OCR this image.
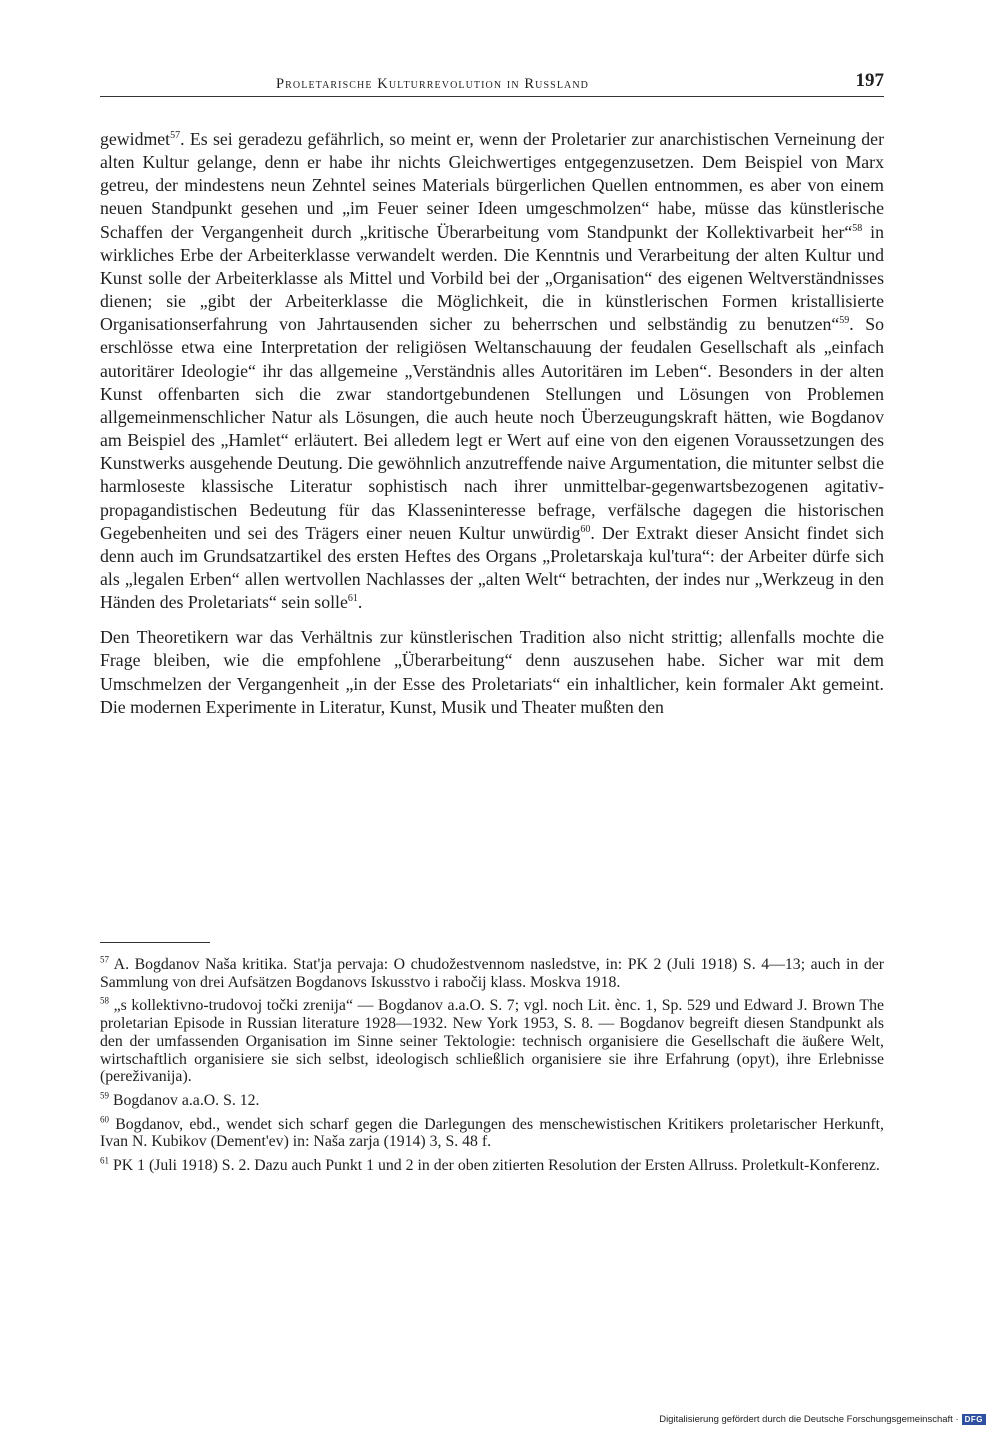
Proletarische Kulturrevolution in Russland	197

gewidmet$^{57}$. Es sei geradezu gefährlich, so meint er, wenn der Proletarier zur anarchistischen Verneinung der alten Kultur gelange, denn er habe ihr nichts Gleichwertiges entgegenzusetzen. Dem Beispiel von Marx getreu, der mindestens neun Zehntel seines Materials bürgerlichen Quellen entnommen, es aber von einem neuen Standpunkt gesehen und „im Feuer seiner Ideen umgeschmolzen“ habe, müsse das künstlerische Schaffen der Vergangenheit durch „kritische Überarbeitung vom Standpunkt der Kollektivarbeit her“$^{58}$ in wirkliches Erbe der Arbeiterklasse verwandelt werden. Die Kenntnis und Verarbeitung der alten Kultur und Kunst solle der Arbeiterklasse als Mittel und Vorbild bei der „Organisation“ des eigenen Weltverständnisses dienen; sie „gibt der Arbeiterklasse die Möglichkeit, die in künstlerischen Formen kristallisierte Organisationserfahrung von Jahrtausenden sicher zu beherrschen und selbständig zu benutzen“$^{59}$. So erschlösse etwa eine Interpretation der religiösen Weltanschauung der feudalen Gesellschaft als „einfach autoritärer Ideologie“ ihr das allgemeine „Verständnis alles Autoritären im Leben“. Besonders in der alten Kunst offenbarten sich die zwar standortgebundenen Stellungen und Lösungen von Problemen allgemeinmenschlicher Natur als Lösungen, die auch heute noch Überzeugungskraft hätten, wie Bogdanov am Beispiel des „Hamlet“ erläutert. Bei alledem legt er Wert auf eine von den eigenen Voraussetzungen des Kunstwerks ausgehende Deutung. Die gewöhnlich anzutreffende naive Argumentation, die mitunter selbst die harmloseste klassische Literatur sophistisch nach ihrer unmittelbar-gegenwartsbezogenen agitativ-propagandistischen Bedeutung für das Klasseninteresse befrage, verfälsche dagegen die historischen Gegebenheiten und sei des Trägers einer neuen Kultur unwürdig$^{60}$. Der Extrakt dieser Ansicht findet sich denn auch im Grundsatzartikel des ersten Heftes des Organs „Proletarskaja kul'tura“: der Arbeiter dürfe sich als „legalen Erben“ allen wertvollen Nachlasses der „alten Welt“ betrachten, der indes nur „Werkzeug in den Händen des Proletariats“ sein solle$^{61}$.

Den Theoretikern war das Verhältnis zur künstlerischen Tradition also nicht strittig; allenfalls mochte die Frage bleiben, wie die empfohlene „Überarbeitung“ denn auszusehen habe. Sicher war mit dem Umschmelzen der Vergangenheit „in der Esse des Proletariats“ ein inhaltlicher, kein formaler Akt gemeint. Die modernen Experimente in Literatur, Kunst, Musik und Theater mußten den

$^{57}$ A. Bogdanov Naša kritika. Stat'ja pervaja: O chudožestvennom nasledstve, in: PK 2 (Juli 1918) S. 4—13; auch in der Sammlung von drei Aufsätzen Bogdanovs Iskusstvo i rabočij klass. Moskva 1918.

$^{58}$ „s kollektivno-trudovoj točki zrenija“ — Bogdanov a.a.O. S. 7; vgl. noch Lit. ènc. 1, Sp. 529 und Edward J. Brown The proletarian Episode in Russian literature 1928—1932. New York 1953, S. 8. — Bogdanov begreift diesen Standpunkt als den der umfassenden Organisation im Sinne seiner Tektologie: technisch organisiere die Gesellschaft die äußere Welt, wirtschaftlich organisiere sie sich selbst, ideologisch schließlich organisiere sie ihre Erfahrung (opyt), ihre Erlebnisse (pereživanija).

$^{59}$ Bogdanov a.a.O. S. 12.

$^{60}$ Bogdanov, ebd., wendet sich scharf gegen die Darlegungen des menschewistischen Kritikers proletarischer Herkunft, Ivan N. Kubikov (Dement'ev) in: Naša zarja (1914) 3, S. 48 f.

$^{61}$ PK 1 (Juli 1918) S. 2. Dazu auch Punkt 1 und 2 in der oben zitierten Resolution der Ersten Allruss. Proletkult-Konferenz.

Digitalisierung gefördert durch die Deutsche Forschungsgemeinschaft · DFG
